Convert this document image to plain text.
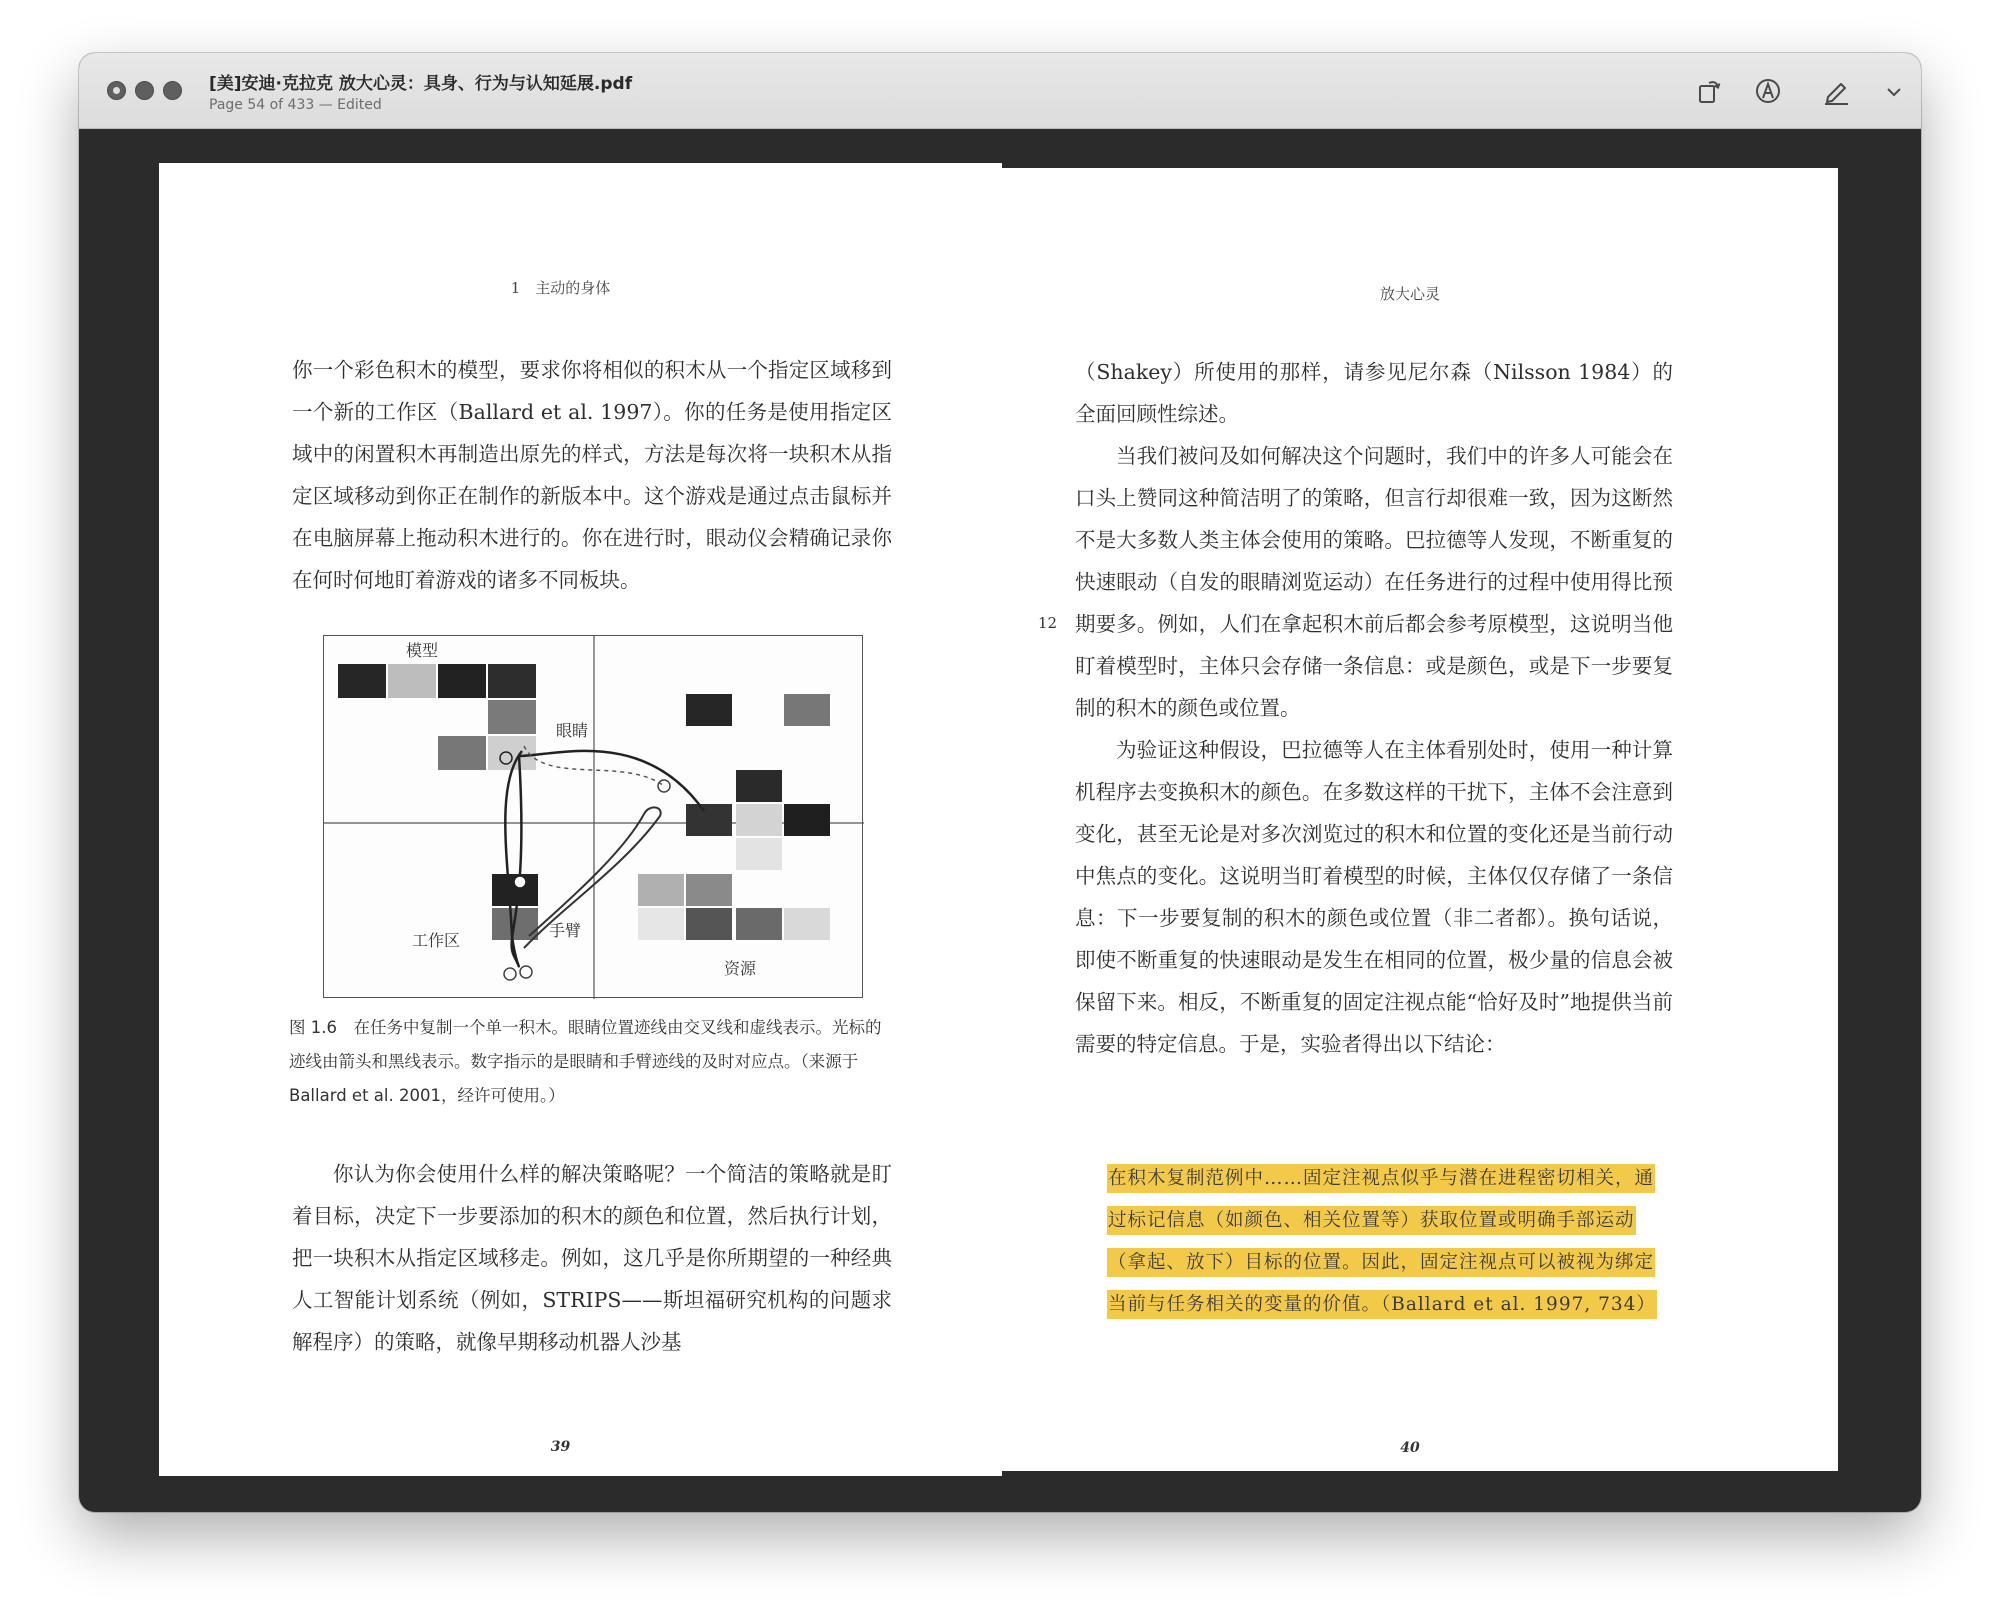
[美]安迪·克拉克 放大心灵：具身、行为与认知延展.pdf
Page 54 of 433 — Edited
1　主动的身体
你一个彩色积木的模型，要求你将相似的积木从一个指定区域移到一个新的工作区（Ballard et al. 1997）。你的任务是使用指定区域中的闲置积木再制造出原先的样式，方法是每次将一块积木从指定区域移动到你正在制作的新版本中。这个游戏是通过点击鼠标并在电脑屏幕上拖动积木进行的。你在进行时，眼动仪会精确记录你在何时何地盯着游戏的诸多不同板块。
模型
眼睛
工作区
手臂
资源
图 1.6　在任务中复制一个单一积木。眼睛位置迹线由交叉线和虚线表示。光标的迹线由箭头和黑线表示。数字指示的是眼睛和手臂迹线的及时对应点。（来源于 Ballard et al. 2001，经许可使用。）
你认为你会使用什么样的解决策略呢？一个简洁的策略就是盯着目标，决定下一步要添加的积木的颜色和位置，然后执行计划，把一块积木从指定区域移走。例如，这几乎是你所期望的一种经典人工智能计划系统（例如，STRIPS——斯坦福研究机构的问题求解程序）的策略，就像早期移动机器人沙基
39
放大心灵
（Shakey）所使用的那样，请参见尼尔森（Nilsson 1984）的全面回顾性综述。
当我们被问及如何解决这个问题时，我们中的许多人可能会在口头上赞同这种简洁明了的策略，但言行却很难一致，因为这断然不是大多数人类主体会使用的策略。巴拉德等人发现，不断重复的快速眼动（自发的眼睛浏览运动）在任务进行的过程中使用得比预期要多。例如，人们在拿起积木前后都会参考原模型，这说明当他盯着模型时，主体只会存储一条信息：或是颜色，或是下一步要复制的积木的颜色或位置。
12
为验证这种假设，巴拉德等人在主体看别处时，使用一种计算机程序去变换积木的颜色。在多数这样的干扰下，主体不会注意到变化，甚至无论是对多次浏览过的积木和位置的变化还是当前行动中焦点的变化。这说明当盯着模型的时候，主体仅仅存储了一条信息：下一步要复制的积木的颜色或位置（非二者都）。换句话说，即使不断重复的快速眼动是发生在相同的位置，极少量的信息会被保留下来。相反，不断重复的固定注视点能“恰好及时”地提供当前需要的特定信息。于是，实验者得出以下结论：
在积木复制范例中……固定注视点似乎与潜在进程密切相关，通过标记信息（如颜色、相关位置等）获取位置或明确手部运动（拿起、放下）目标的位置。因此，固定注视点可以被视为绑定当前与任务相关的变量的价值。（Ballard et al. 1997, 734）
40
